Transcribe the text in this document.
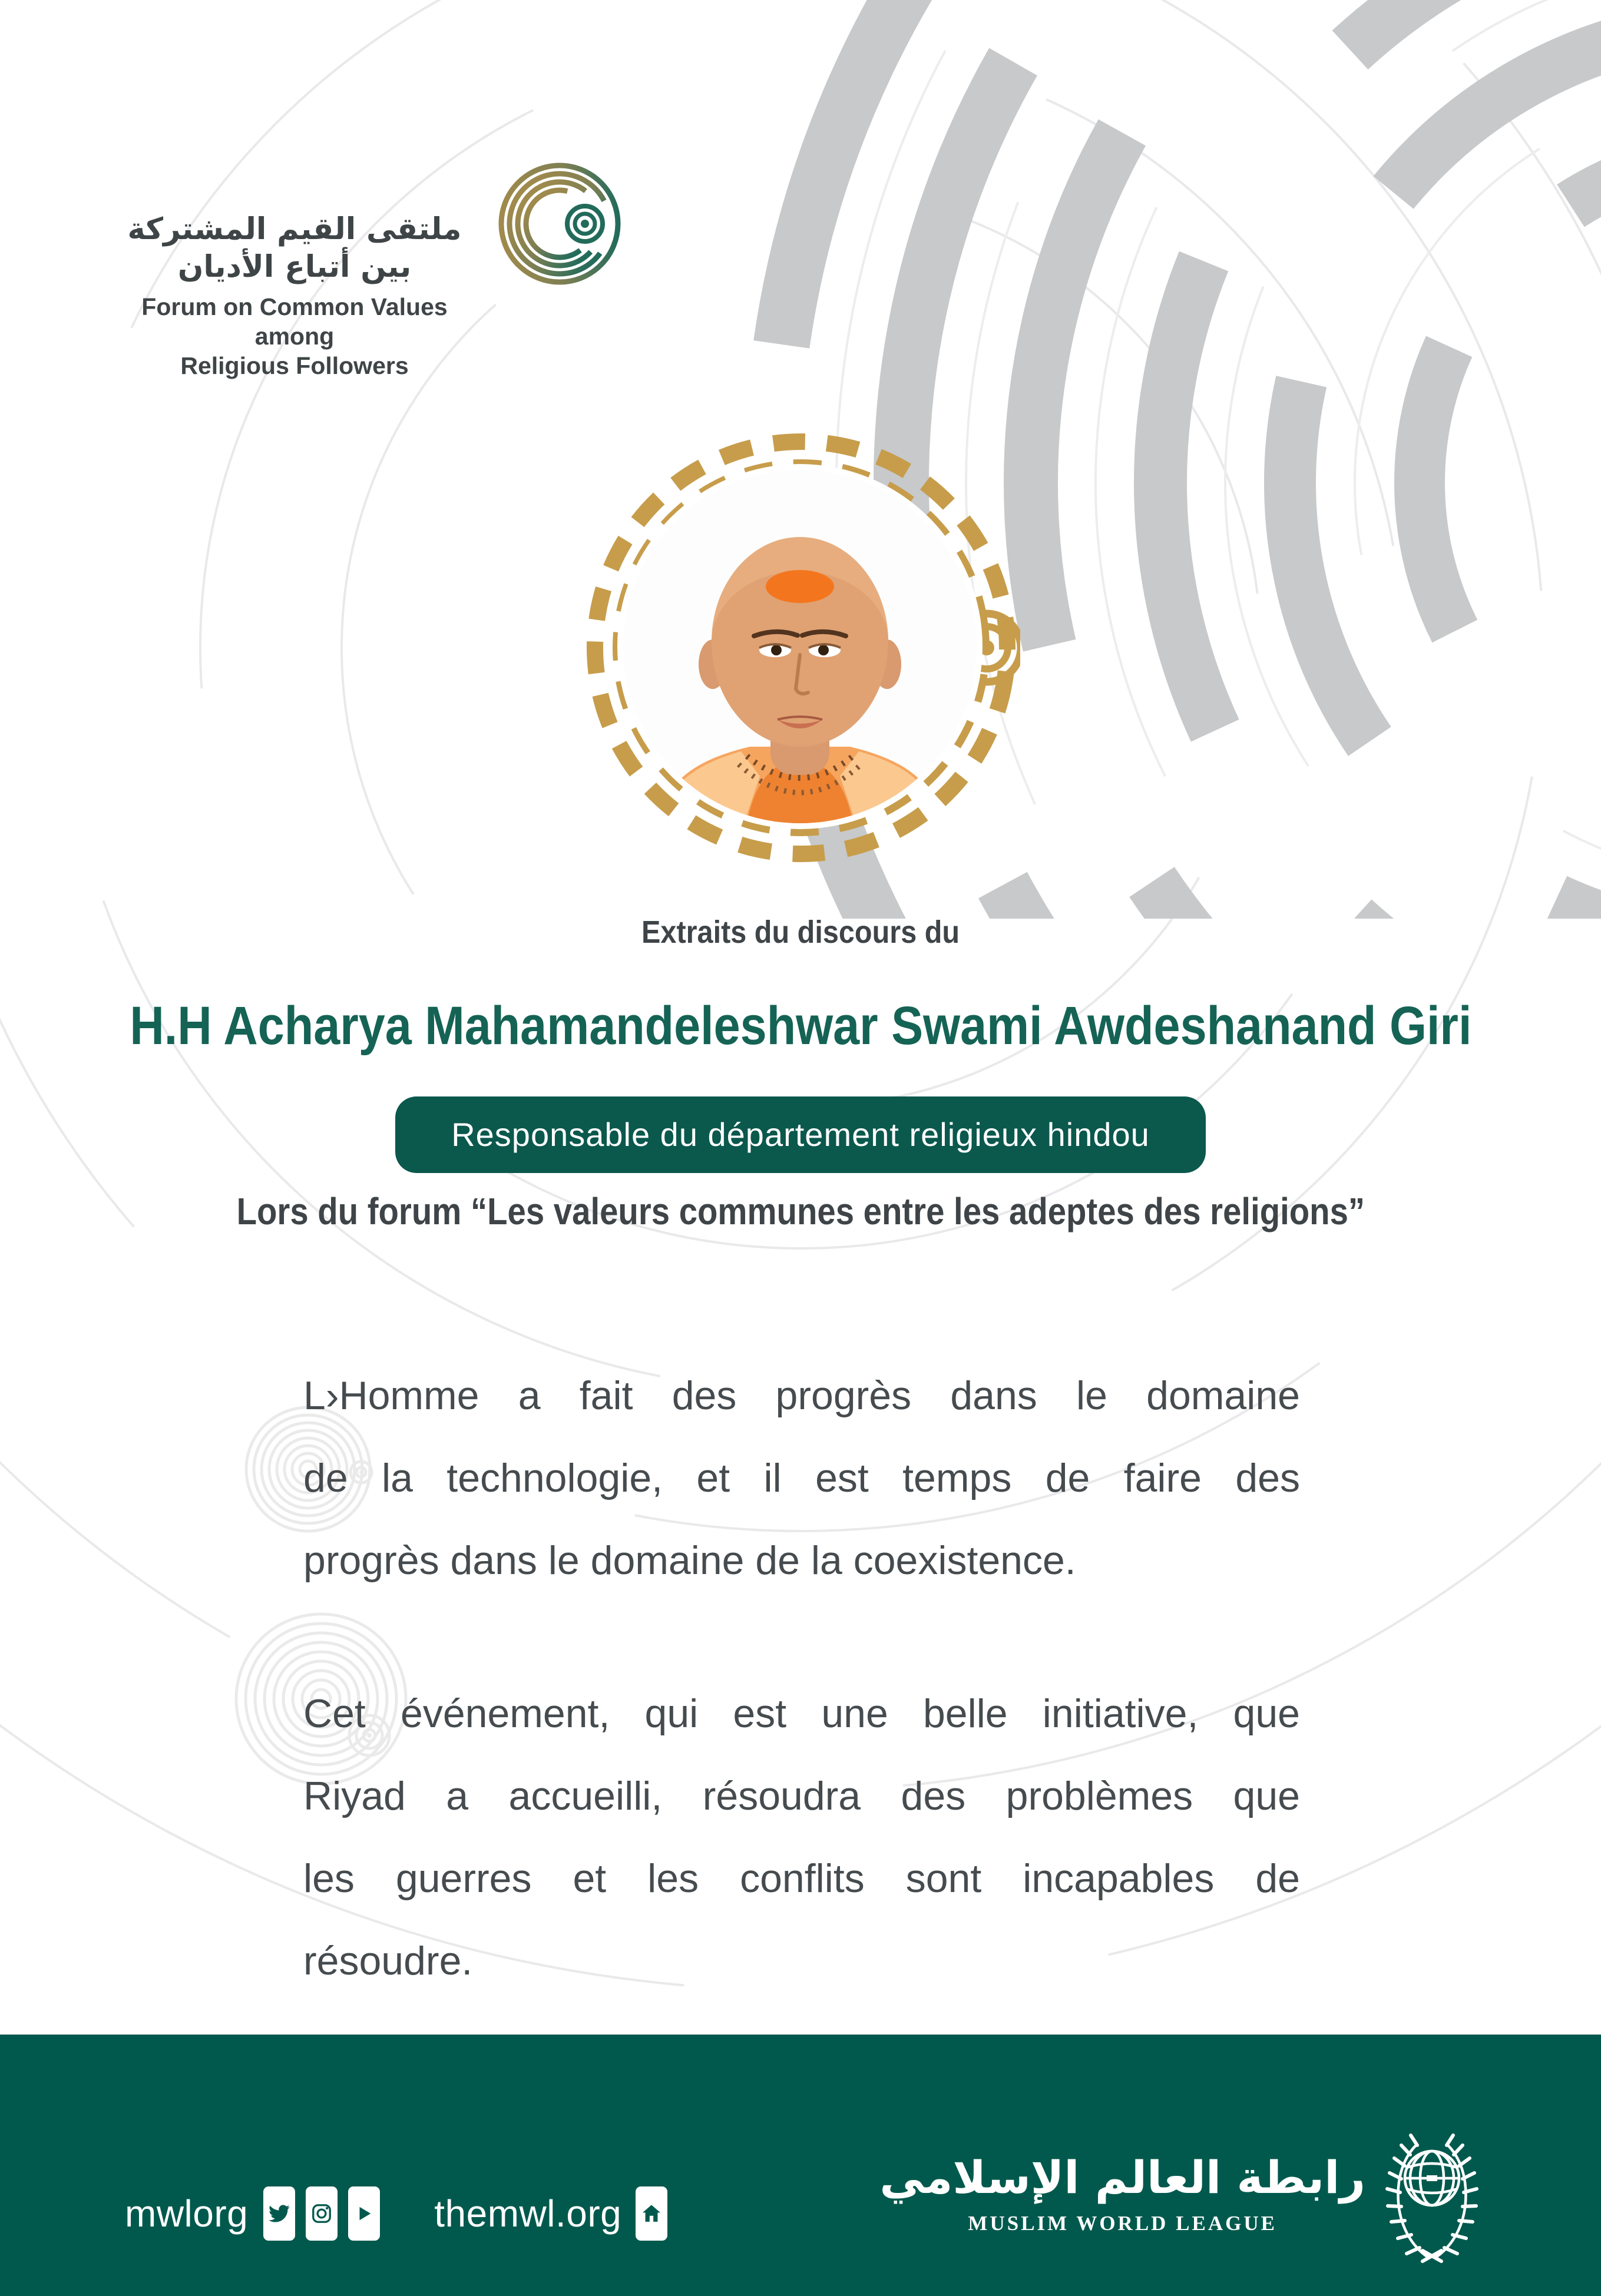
ملتقى القيم المشتركة بين أتباع الأديان
Forum on Common Values among
Religious Followers
Extraits du discours du
H.H Acharya Mahamandeleshwar Swami Awdeshanand Giri
Responsable du département religieux hindou
Lors du forum “Les valeurs communes entre les adeptes des religions”
L›Homme a fait des progrès dans le domaine
de la technologie, et il est temps de faire des
progrès dans le domaine de la coexistence.
Cet événement, qui est une belle initiative, que
Riyad a accueilli, résoudra des problèmes que
les guerres et les conflits sont incapables de
résoudre.
mwlorg	themwl.org
رابطة العالم الإسلامي
MUSLIM WORLD LEAGUE
